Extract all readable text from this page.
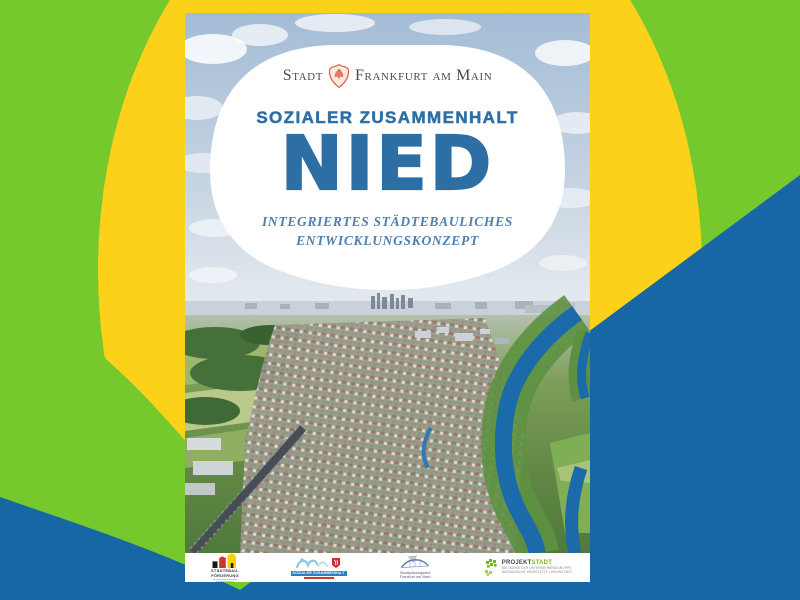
Stadt Frankfurt am Main
SOZIALER ZUSAMMENHALT
NIED
INTEGRIERTES STÄDTEBAULICHES
ENTWICKLUNGSKONZEPT
STÄDTEBAU-
FÖRDERUNG	SOZIALER ZUSAMMENHALT	Stadtplanungsamt
Frankfurt am Main
PROJEKTSTADT
DIE MARKE DER UNTERNEHMENSGRUPPE
NASSAUISCHE HEIMSTÄTTE | WOHNSTADT
